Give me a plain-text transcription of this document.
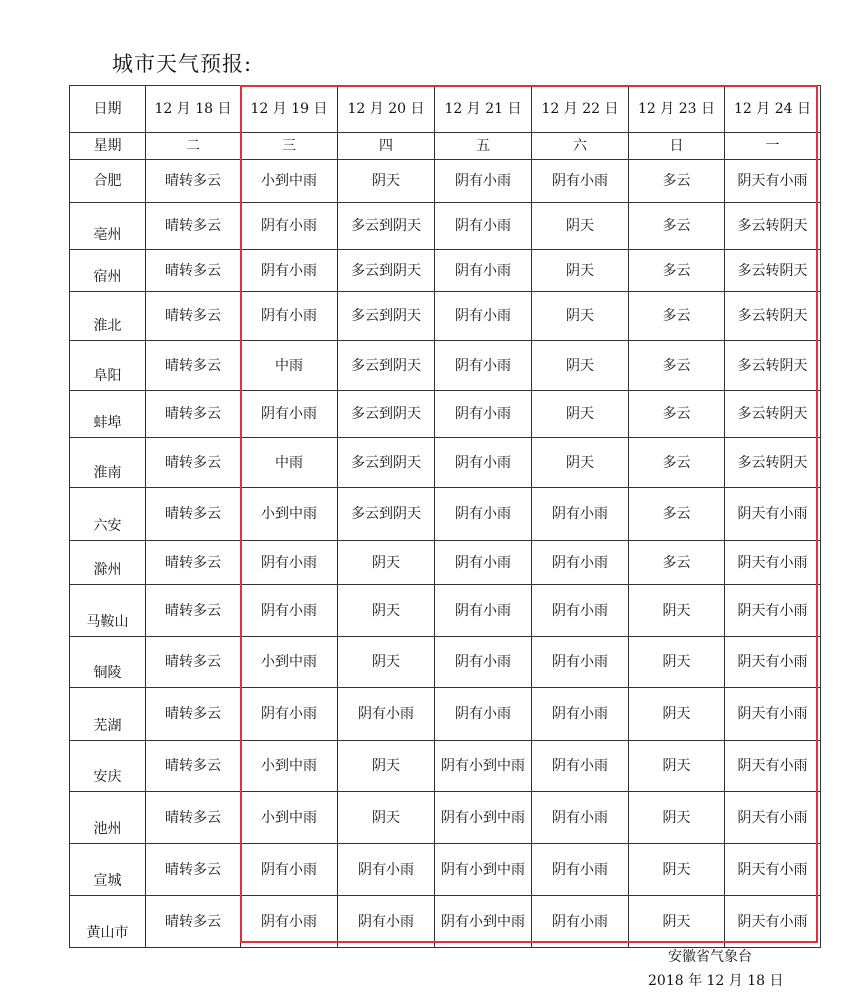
城市天气预报:
日期	12 月 18 日	12 月 19 日	12 月 20 日	12 月 21 日	12 月 22 日	12 月 23 日	12 月 24 日
星期	二	三	四	五	六	日	一
合肥	晴转多云	小到中雨	阴天	阴有小雨	阴有小雨	多云	阴天有小雨
亳州	晴转多云	阴有小雨	多云到阴天	阴有小雨	阴天	多云	多云转阴天
宿州	晴转多云	阴有小雨	多云到阴天	阴有小雨	阴天	多云	多云转阴天
淮北	晴转多云	阴有小雨	多云到阴天	阴有小雨	阴天	多云	多云转阴天
阜阳	晴转多云	中雨	多云到阴天	阴有小雨	阴天	多云	多云转阴天
蚌埠	晴转多云	阴有小雨	多云到阴天	阴有小雨	阴天	多云	多云转阴天
淮南	晴转多云	中雨	多云到阴天	阴有小雨	阴天	多云	多云转阴天
六安	晴转多云	小到中雨	多云到阴天	阴有小雨	阴有小雨	多云	阴天有小雨
滁州	晴转多云	阴有小雨	阴天	阴有小雨	阴有小雨	多云	阴天有小雨
马鞍山	晴转多云	阴有小雨	阴天	阴有小雨	阴有小雨	阴天	阴天有小雨
铜陵	晴转多云	小到中雨	阴天	阴有小雨	阴有小雨	阴天	阴天有小雨
芜湖	晴转多云	阴有小雨	阴有小雨	阴有小雨	阴有小雨	阴天	阴天有小雨
安庆	晴转多云	小到中雨	阴天	阴有小到中雨	阴有小雨	阴天	阴天有小雨
池州	晴转多云	小到中雨	阴天	阴有小到中雨	阴有小雨	阴天	阴天有小雨
宣城	晴转多云	阴有小雨	阴有小雨	阴有小到中雨	阴有小雨	阴天	阴天有小雨
黄山市	晴转多云	阴有小雨	阴有小雨	阴有小到中雨	阴有小雨	阴天	阴天有小雨
安徽省气象台
2018 年 12 月 18 日
